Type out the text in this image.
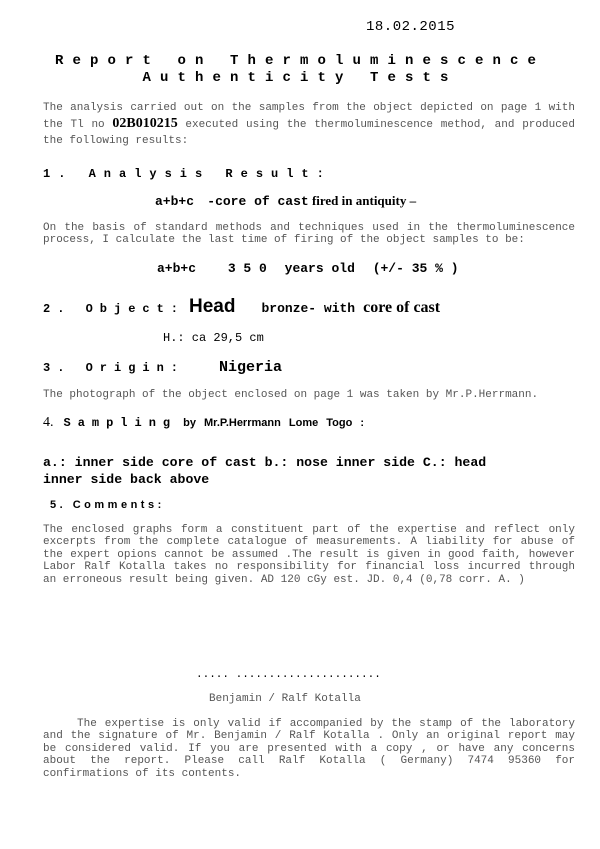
18.02.2015
Report on Thermoluminescence
Authenticity Tests
The analysis carried out on the samples from the object depicted on page 1 with the Tl no 02B010215 executed using the thermoluminescence method, and produced the following results:
1. Analysis Result:
a+b+c -core of cast fired in antiquity –
On the basis of standard methods and techniques used in the thermoluminescence process, I calculate the last time of firing of the object samples to be:
a+b+c 3 5 0 years old (+/- 35 % )
2. Object: Head bronze- with core of cast
H.: ca 29,5 cm
3. Origin: Nigeria
The photograph of the object enclosed on page 1 was taken by Mr.P.Herrmann.
4. Sampling by Mr.P.Herrmann Lome Togo :
a.: inner side core of cast b.: nose inner side C.: head
inner side back above
5. Comments:
The enclosed graphs form a constituent part of the expertise and reflect only excerpts from the complete catalogue of measurements. A liability for abuse of the expert opions cannot be assumed .The result is given in good faith, however Labor Ralf Kotalla takes no responsibility for financial loss incurred through an erroneous result being given. AD 120 cGy est. JD. 0,4 (0,78 corr. A. )
..... ......................
Benjamin / Ralf Kotalla
The expertise is only valid if accompanied by the stamp of the laboratory and the signature of Mr. Benjamin / Ralf Kotalla . Only an original report may be considered valid. If you are presented with a copy , or have any concerns about the report. Please call Ralf Kotalla ( Germany) 7474 95360 for confirmations of its contents.
